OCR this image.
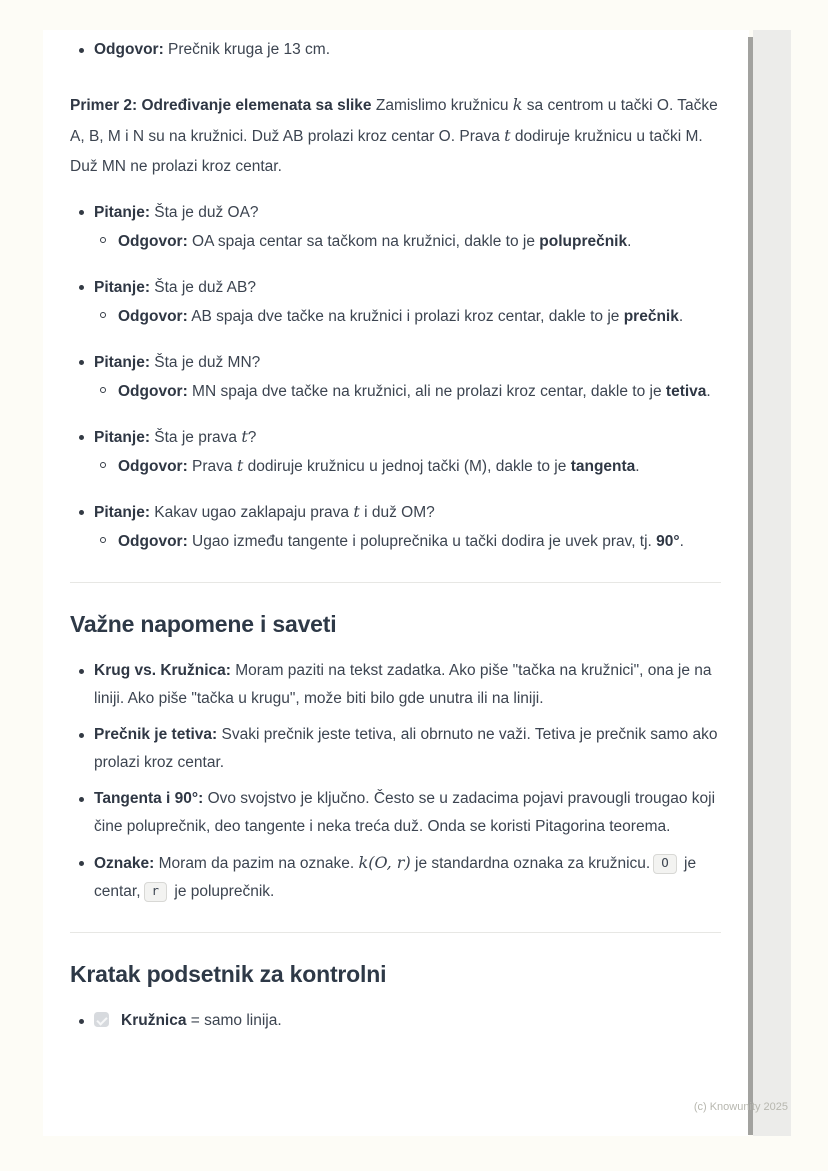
Odgovor: Prečnik kruga je 13 cm.

Primer 2: Određivanje elemenata sa slike Zamislimo kružnicu k sa centrom u tački O. Tačke A, B, M i N su na kružnici. Duž AB prolazi kroz centar O. Prava t dodiruje kružnicu u tački M. Duž MN ne prolazi kroz centar.

Pitanje: Šta je duž OA?
Odgovor: OA spaja centar sa tačkom na kružnici, dakle to je poluprečnik.
Pitanje: Šta je duž AB?
Odgovor: AB spaja dve tačke na kružnici i prolazi kroz centar, dakle to je prečnik.
Pitanje: Šta je duž MN?
Odgovor: MN spaja dve tačke na kružnici, ali ne prolazi kroz centar, dakle to je tetiva.
Pitanje: Šta je prava t?
Odgovor: Prava t dodiruje kružnicu u jednoj tački (M), dakle to je tangenta.
Pitanje: Kakav ugao zaklapaju prava t i duž OM?
Odgovor: Ugao između tangente i poluprečnika u tački dodira je uvek prav, tj. 90°.
Važne napomene i saveti
Krug vs. Kružnica: Moram paziti na tekst zadatka. Ako piše "tačka na kružnici", ona je na liniji. Ako piše "tačka u krugu", može biti bilo gde unutra ili na liniji.
Prečnik je tetiva: Svaki prečnik jeste tetiva, ali obrnuto ne važi. Tetiva je prečnik samo ako prolazi kroz centar.
Tangenta i 90°: Ovo svojstvo je ključno. Često se u zadacima pojavi pravougli trougao koji čine poluprečnik, deo tangente i neka treća duž. Onda se koristi Pitagorina teorema.
Oznake: Moram da pazim na oznake. k(O, r) je standardna oznaka za kružnicu. O je centar, r je poluprečnik.
Kratak podsetnik za kontrolni
Kružnica = samo linija.
(c) Knowunity 2025
